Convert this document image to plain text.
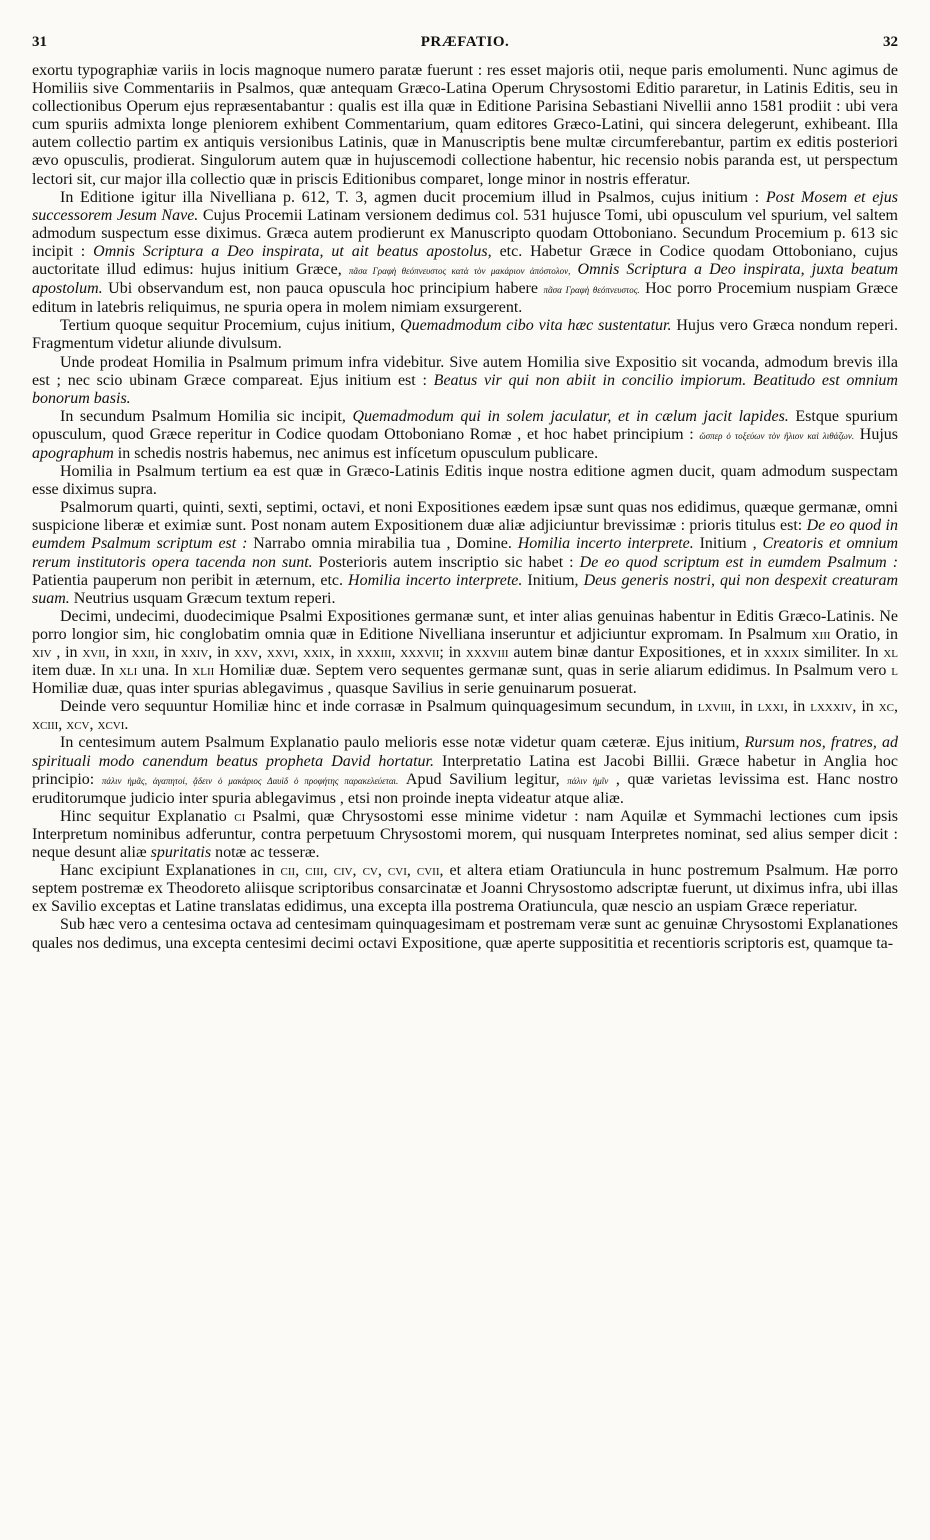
31	PRÆFATIO.	32

exortu typographiæ variis in locis magnoque numero paratæ fuerunt : res esset majoris otii, neque paris emolumenti. Nunc agimus de Homiliis sive Commentariis in Psalmos, quæ antequam Græco-Latina Operum Chrysostomi Editio pararetur, in Latinis Editis, seu in collectionibus Operum ejus repræsentabantur : qualis est illa quæ in Editione Parisina Sebastiani Nivellii anno 1581 prodiit : ubi vera cum spuriis admixta longe pleniorem exhibent Commentarium, quam editores Græco-Latini, qui sincera delegerunt, exhibeant. Illa autem collectio partim ex antiquis versionibus Latinis, quæ in Manuscriptis bene multæ circumferebantur, partim ex editis posteriori ævo opusculis, prodierat. Singulorum autem quæ in hujuscemodi collectione habentur, hic recensio nobis paranda est, ut perspectum lectori sit, cur major illa collectio quæ in priscis Editionibus comparet, longe minor in nostris efferatur.

In Editione igitur illa Nivelliana p. 612, T. 3, agmen ducit procemium illud in Psalmos, cujus initium : Post Mosem et ejus successorem Jesum Nave. Cujus Procemii Latinam versionem dedimus col. 531 hujusce Tomi, ubi opusculum vel spurium, vel saltem admodum suspectum esse diximus. Græca autem prodierunt ex Manuscripto quodam Ottoboniano. Secundum Procemium p. 613 sic incipit : Omnis Scriptura a Deo inspirata, ut ait beatus apostolus, etc. Habetur Græce in Codice quodam Ottoboniano, cujus auctoritate illud edimus: hujus initium Græce, πᾶσα Γραφὴ θεόπνευστος κατὰ τὸν μακάριον ἀπόστολον, Omnis Scriptura a Deo inspirata, juxta beatum apostolum. Ubi observandum est, non pauca opuscula hoc principium habere πᾶσα Γραφὴ θεόπνευστος. Hoc porro Procemium nuspiam Græce editum in latebris reliquimus, ne spuria opera in molem nimiam exsurgerent.

Tertium quoque sequitur Procemium, cujus initium, Quemadmodum cibo vita hæc sustentatur. Hujus vero Græca nondum reperi. Fragmentum videtur aliunde divulsum.

Unde prodeat Homilia in Psalmum primum infra videbitur. Sive autem Homilia sive Expositio sit vocanda, admodum brevis illa est ; nec scio ubinam Græce compareat. Ejus initium est : Beatus vir qui non abiit in concilio impiorum. Beatitudo est omnium bonorum basis.

In secundum Psalmum Homilia sic incipit, Quemadmodum qui in solem jaculatur, et in cælum jacit lapides. Estque spurium opusculum, quod Græce reperitur in Codice quodam Ottoboniano Romæ , et hoc habet principium : ὥσπερ ὁ τοξεύων τὸν ἥλιον καὶ λιθάζων. Hujus apographum in schedis nostris habemus, nec animus est infícetum opusculum publicare.

Homilia in Psalmum tertium ea est quæ in Græco-Latinis Editis inque nostra editione agmen ducit, quam admodum suspectam esse diximus supra.

Psalmorum quarti, quinti, sexti, septimi, octavi, et noni Expositiones eædem ipsæ sunt quas nos edidimus, quæque germanæ, omni suspicione liberæ et eximiæ sunt. Post nonam autem Expositionem duæ aliæ adjiciuntur brevissimæ : prioris titulus est: De eo quod in eumdem Psalmum scriptum est : Narrabo omnia mirabilia tua , Domine. Homilia incerto interprete. Initium , Creatoris et omnium rerum institutoris opera tacenda non sunt. Posterioris autem inscriptio sic habet : De eo quod scriptum est in eumdem Psalmum : Patientia pauperum non peribit in æternum, etc. Homilia incerto interprete. Initium, Deus generis nostri, qui non despexit creaturam suam. Neutrius usquam Græcum textum reperi.

Decimi, undecimi, duodecimique Psalmi Expositiones germanæ sunt, et inter alias genuinas habentur in Editis Græco-Latinis. Ne porro longior sim, hic conglobatim omnia quæ in Editione Nivelliana inseruntur et adjiciuntur expromam. In Psalmum xiii Oratio, in xiv , in xvii, in xxii, in xxiv, in xxv, xxvi, xxix, in xxxiii, xxxvii; in xxxviii autem binæ dantur Expositiones, et in xxxix similiter. In xl item duæ. In xli una. In xlii Homiliæ duæ. Septem vero sequentes germanæ sunt, quas in serie aliarum edidimus. In Psalmum vero l Homiliæ duæ, quas inter spurias ablegavimus , quasque Savilius in serie genuinarum posuerat.

Deinde vero sequuntur Homiliæ hinc et inde corrasæ in Psalmum quinquagesimum secundum, in lxviii, in lxxi, in lxxxiv, in xc, xciii, xcv, xcvi.

In centesimum autem Psalmum Explanatio paulo melioris esse notæ videtur quam cæteræ. Ejus initium, Rursum nos, fratres, ad spirituali modo canendum beatus propheta David hortatur. Interpretatio Latina est Jacobi Billii. Græce habetur in Anglia hoc principio: πάλιν ἡμᾶς, ἀγαπητοί, ᾄδειν ὁ μακάριος Δαυὶδ ὁ προφήτης παρακελεύεται. Apud Savilium legitur, πάλιν ἡμῖν , quæ varietas levissima est. Hanc nostro eruditorumque judicio inter spuria ablegavimus , etsi non proinde inepta videatur atque aliæ.

Hinc sequitur Explanatio ci Psalmi, quæ Chrysostomi esse minime videtur : nam Aquilæ et Symmachi lectiones cum ipsis Interpretum nominibus adferuntur, contra perpetuum Chrysostomi morem, qui nusquam Interpretes nominat, sed alius semper dicit : neque desunt aliæ spuritatis notæ ac tesseræ.

Hanc excipiunt Explanationes in cii, ciii, civ, cv, cvi, cvii, et altera etiam Oratiuncula in hunc postremum Psalmum. Hæ porro septem postremæ ex Theodoreto aliisque scriptoribus consarcinatæ et Joanni Chrysostomo adscriptæ fuerunt, ut diximus infra, ubi illas ex Savilio exceptas et Latine translatas edidimus, una excepta illa postrema Oratiuncula, quæ nescio an uspiam Græce reperiatur.

Sub hæc vero a centesima octava ad centesimam quinquagesimam et postremam veræ sunt ac genuinæ Chrysostomi Explanationes quales nos dedimus, una excepta centesimi decimi octavi Expositione, quæ aperte supposititia et recentioris scriptoris est, quamque ta-
